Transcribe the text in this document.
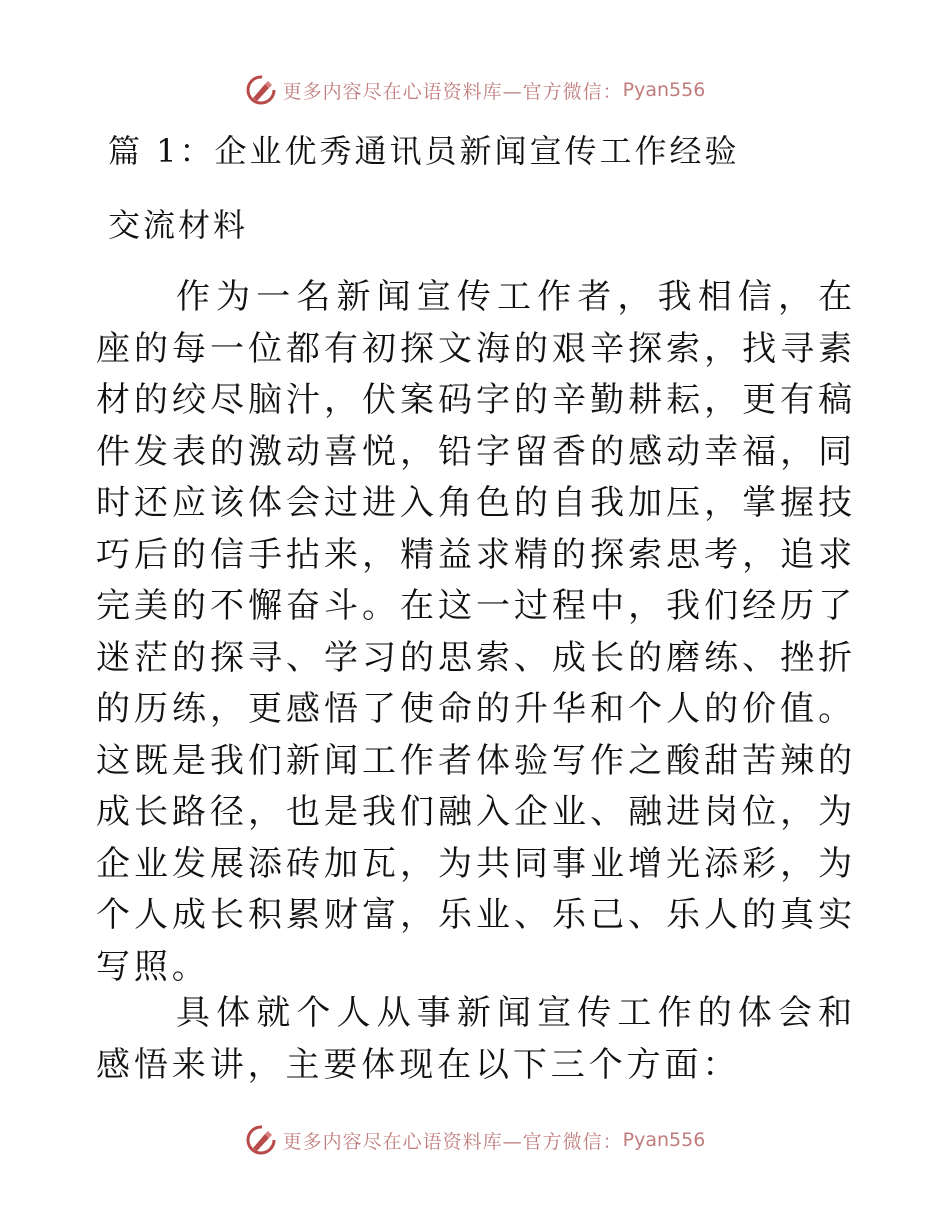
更多内容尽在心语资料库—官方微信： Pyan556
篇 1：企业优秀通讯员新闻宣传工作经验
交流材料

作为一名新闻宣传工作者，我相信，在座的每一位都有初探文海的艰辛探索，找寻素材的绞尽脑汁，伏案码字的辛勤耕耘，更有稿件发表的激动喜悦，铅字留香的感动幸福，同时还应该体会过进入角色的自我加压，掌握技巧后的信手拈来，精益求精的探索思考，追求完美的不懈奋斗。在这一过程中，我们经历了迷茫的探寻、学习的思索、成长的磨练、挫折的历练，更感悟了使命的升华和个人的价值。这既是我们新闻工作者体验写作之酸甜苦辣的成长路径，也是我们融入企业、融进岗位，为企业发展添砖加瓦，为共同事业增光添彩，为个人成长积累财富，乐业、乐己、乐人的真实写照。

具体就个人从事新闻宣传工作的体会和感悟来讲，主要体现在以下三个方面：

更多内容尽在心语资料库—官方微信： Pyan556
